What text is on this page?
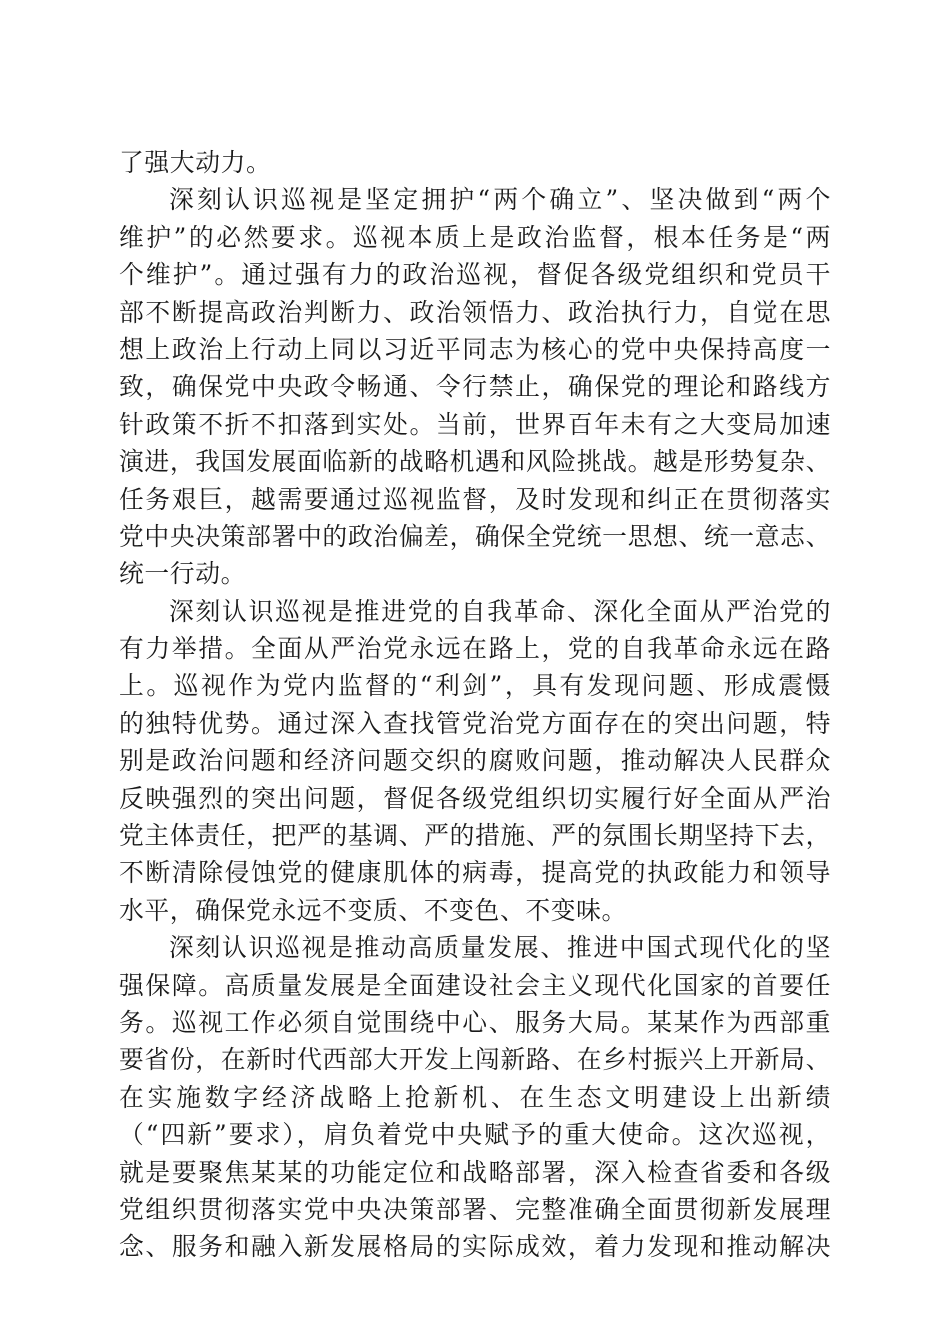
了强大动力。
深刻认识巡视是坚定拥护“两个确立”、坚决做到“两个
维护”的必然要求。巡视本质上是政治监督，根本任务是“两
个维护”。通过强有力的政治巡视，督促各级党组织和党员干
部不断提高政治判断力、政治领悟力、政治执行力，自觉在思
想上政治上行动上同以习近平同志为核心的党中央保持高度一
致，确保党中央政令畅通、令行禁止，确保党的理论和路线方
针政策不折不扣落到实处。当前，世界百年未有之大变局加速
演进，我国发展面临新的战略机遇和风险挑战。越是形势复杂、
任务艰巨，越需要通过巡视监督，及时发现和纠正在贯彻落实
党中央决策部署中的政治偏差，确保全党统一思想、统一意志、
统一行动。
深刻认识巡视是推进党的自我革命、深化全面从严治党的
有力举措。全面从严治党永远在路上，党的自我革命永远在路
上。巡视作为党内监督的“利剑”，具有发现问题、形成震慑
的独特优势。通过深入查找管党治党方面存在的突出问题，特
别是政治问题和经济问题交织的腐败问题，推动解决人民群众
反映强烈的突出问题，督促各级党组织切实履行好全面从严治
党主体责任，把严的基调、严的措施、严的氛围长期坚持下去，
不断清除侵蚀党的健康肌体的病毒，提高党的执政能力和领导
水平，确保党永远不变质、不变色、不变味。
深刻认识巡视是推动高质量发展、推进中国式现代化的坚
强保障。高质量发展是全面建设社会主义现代化国家的首要任
务。巡视工作必须自觉围绕中心、服务大局。某某作为西部重
要省份，在新时代西部大开发上闯新路、在乡村振兴上开新局、
在实施数字经济战略上抢新机、在生态文明建设上出新绩
（“四新”要求），肩负着党中央赋予的重大使命。这次巡视，
就是要聚焦某某的功能定位和战略部署，深入检查省委和各级
党组织贯彻落实党中央决策部署、完整准确全面贯彻新发展理
念、服务和融入新发展格局的实际成效，着力发现和推动解决
